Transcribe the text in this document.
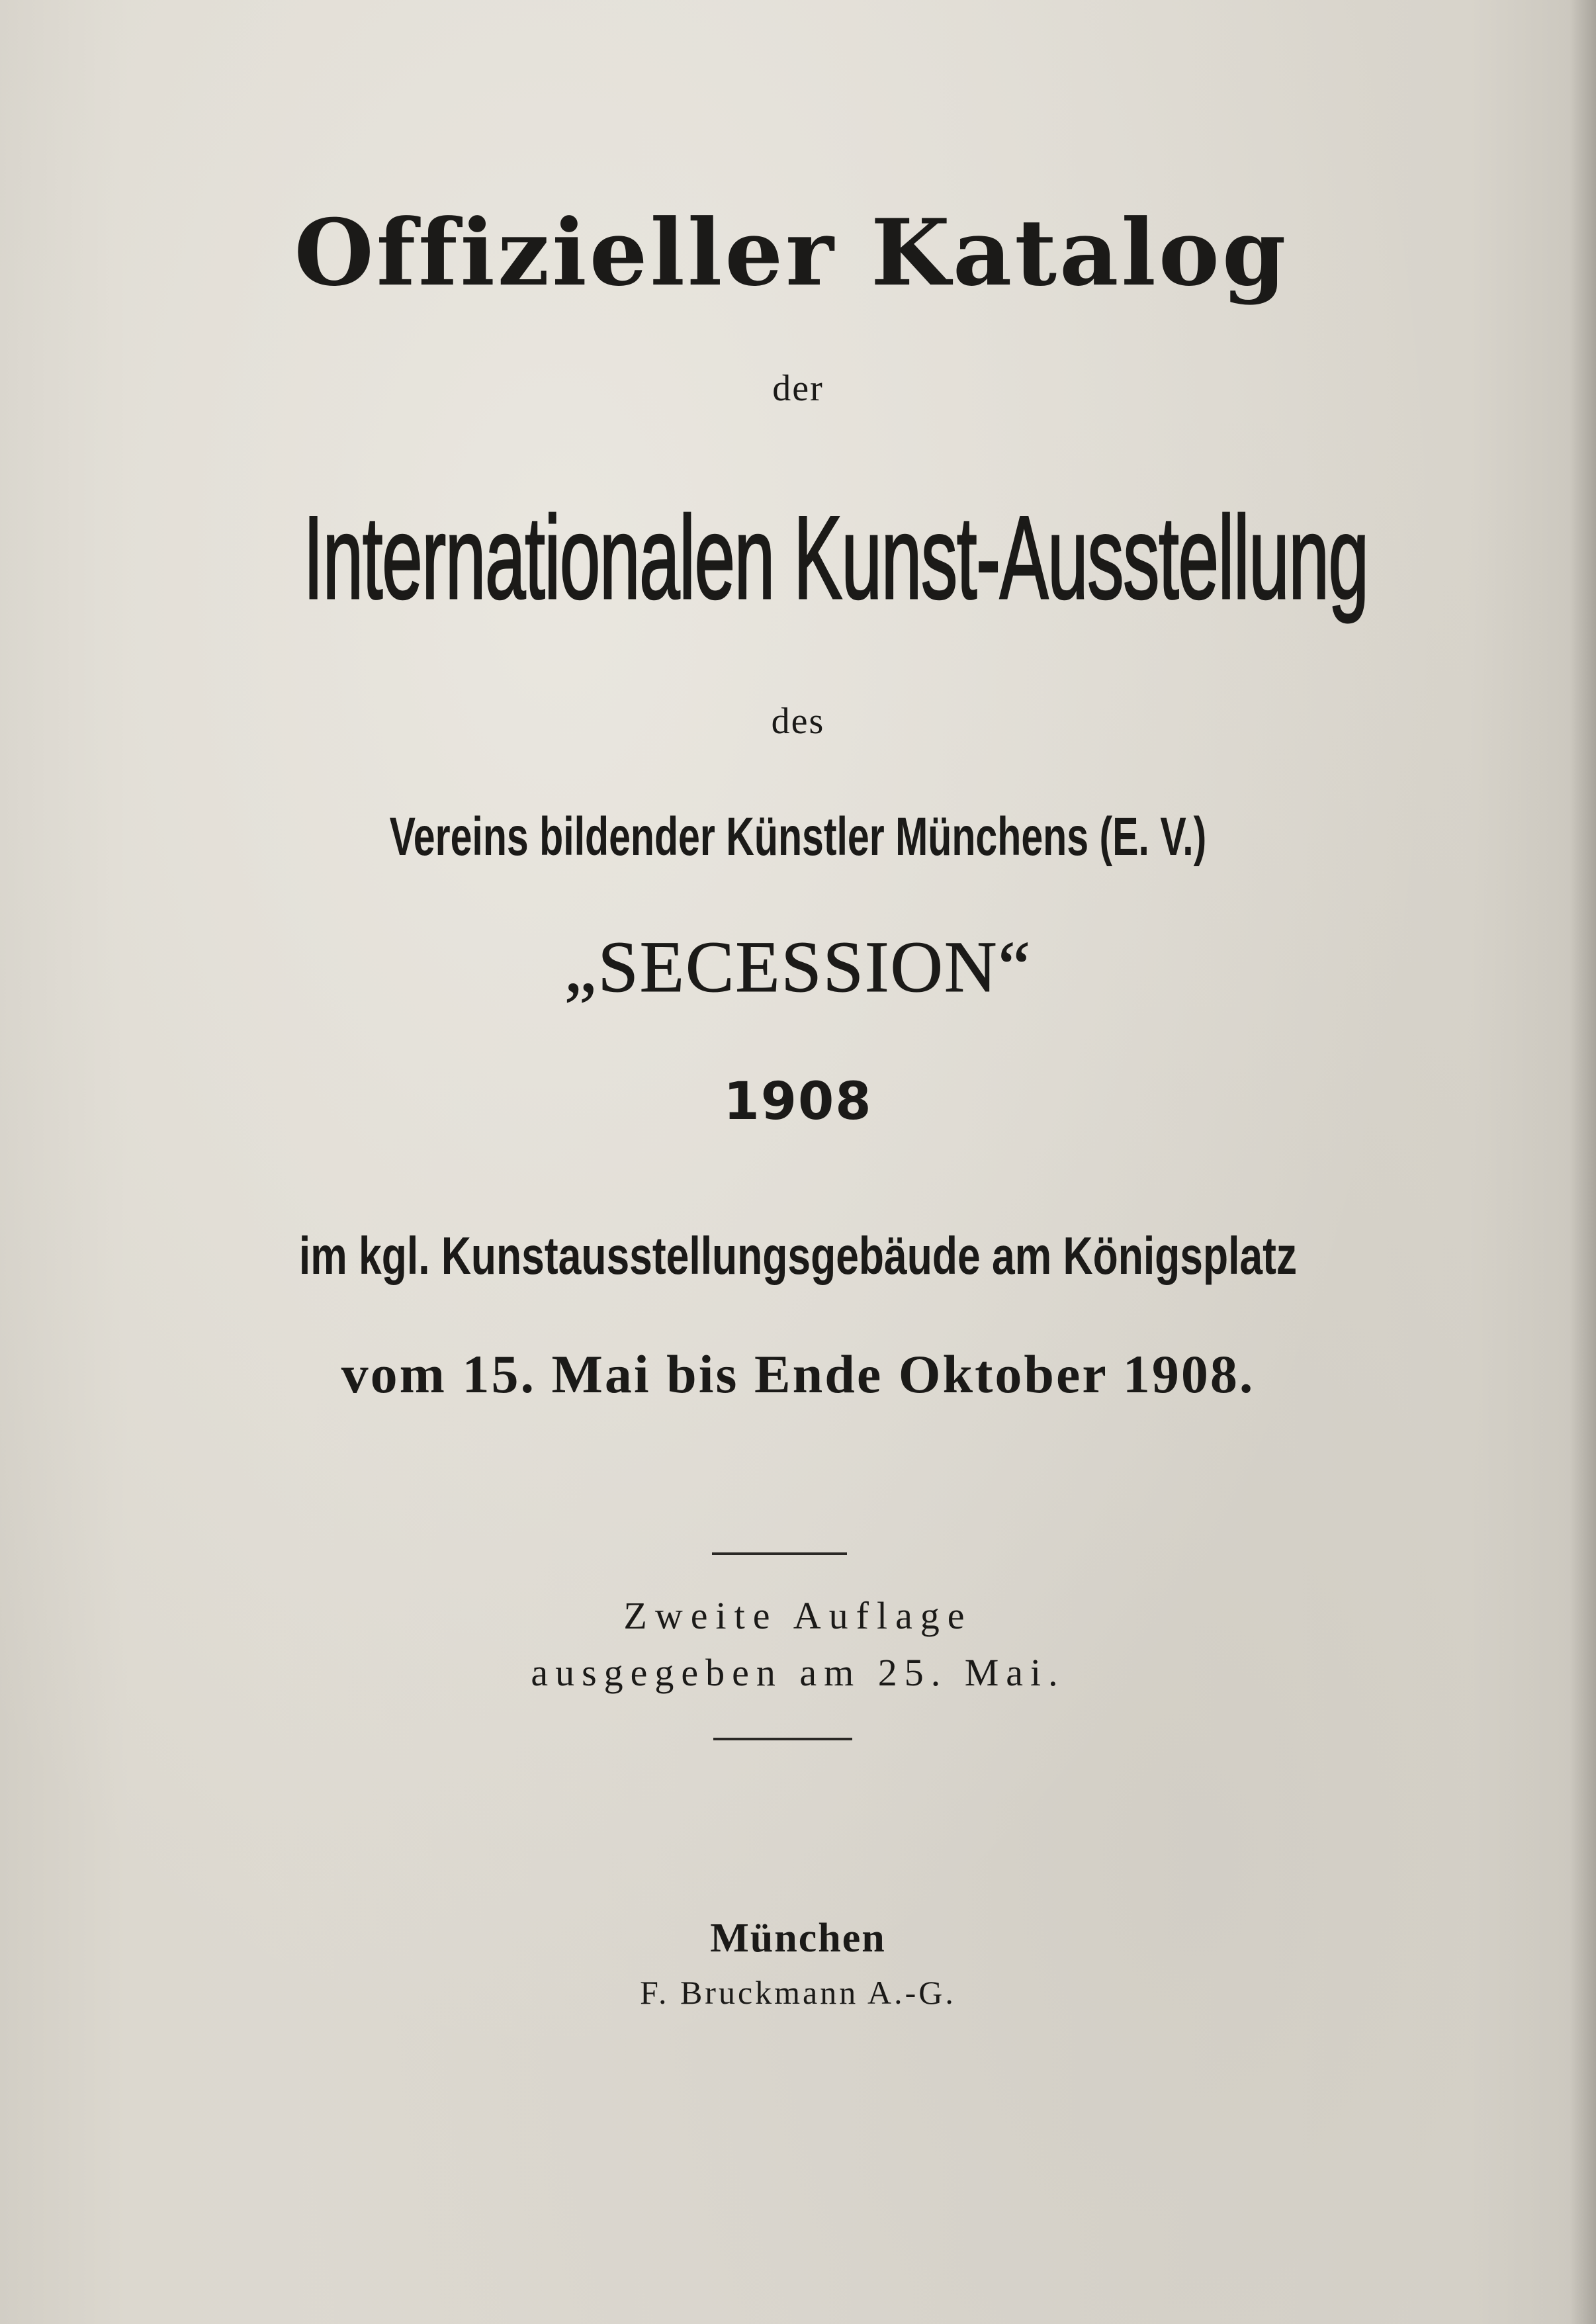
Offizieller Katalog
der
Internationalen Kunst-Ausstellung
des
Vereins bildender Künstler Münchens (E. V.)
„SECESSION“
1908
im kgl. Kunstausstellungsgebäude am Königsplatz
vom 15. Mai bis Ende Oktober 1908.
Zweite Auflage
ausgegeben am 25. Mai.
München
F. Bruckmann A.-G.
